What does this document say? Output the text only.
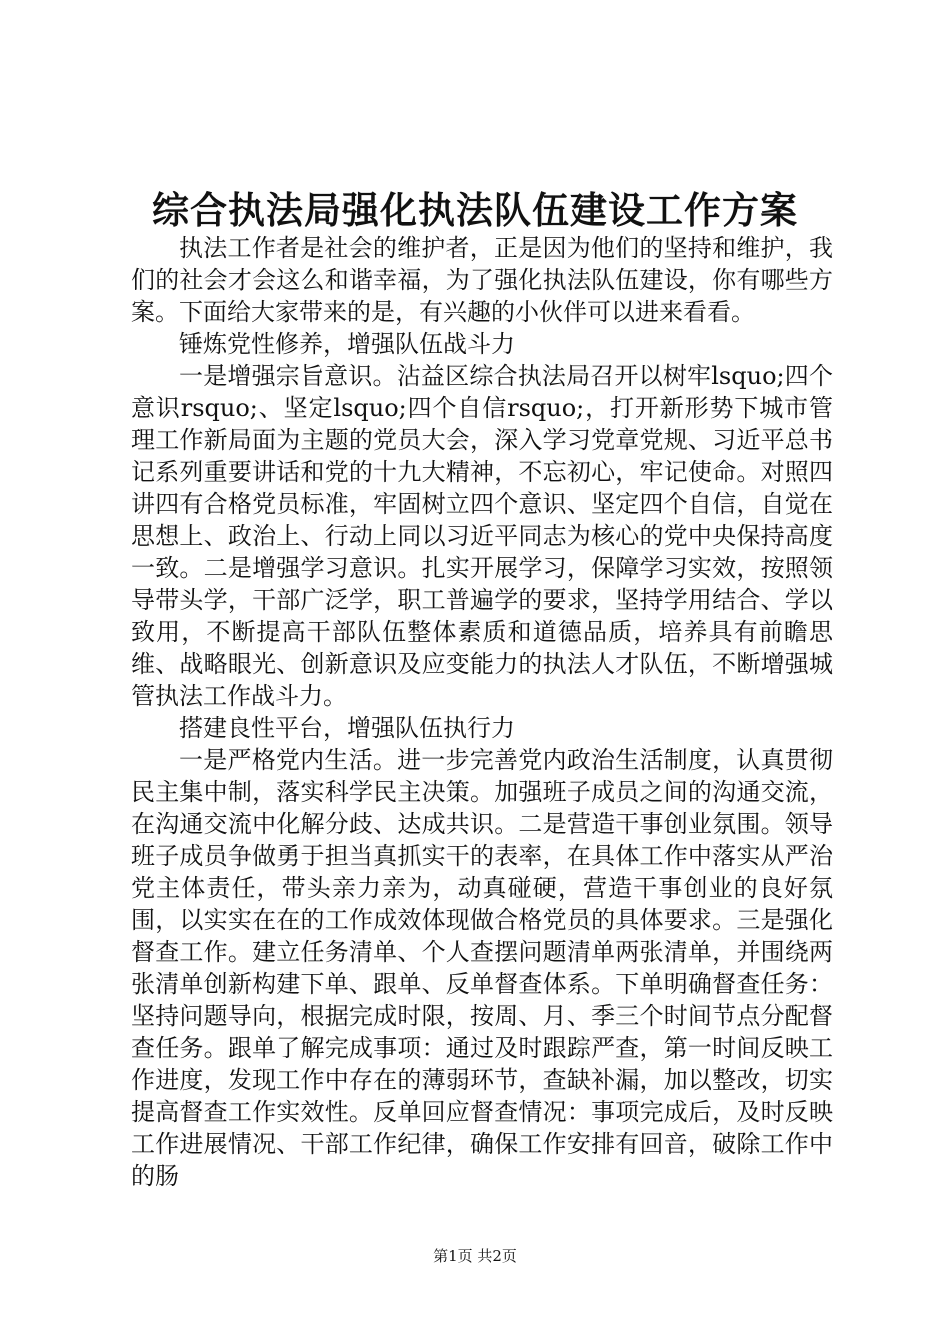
综合执法局强化执法队伍建设工作方案

执法工作者是社会的维护者，正是因为他们的坚持和维护，我们的社会才会这么和谐幸福，为了强化执法队伍建设，你有哪些方案。下面给大家带来的是，有兴趣的小伙伴可以进来看看。

锤炼党性修养，增强队伍战斗力

一是增强宗旨意识。沾益区综合执法局召开以树牢lsquo;四个意识rsquo;、坚定lsquo;四个自信rsquo;，打开新形势下城市管理工作新局面为主题的党员大会，深入学习党章党规、习近平总书记系列重要讲话和党的十九大精神，不忘初心，牢记使命。对照四讲四有合格党员标准，牢固树立四个意识、坚定四个自信，自觉在思想上、政治上、行动上同以习近平同志为核心的党中央保持高度一致。二是增强学习意识。扎实开展学习，保障学习实效，按照领导带头学，干部广泛学，职工普遍学的要求，坚持学用结合、学以致用，不断提高干部队伍整体素质和道德品质，培养具有前瞻思维、战略眼光、创新意识及应变能力的执法人才队伍，不断增强城管执法工作战斗力。

搭建良性平台，增强队伍执行力

一是严格党内生活。进一步完善党内政治生活制度，认真贯彻民主集中制，落实科学民主决策。加强班子成员之间的沟通交流，在沟通交流中化解分歧、达成共识。二是营造干事创业氛围。领导班子成员争做勇于担当真抓实干的表率，在具体工作中落实从严治党主体责任，带头亲力亲为，动真碰硬，营造干事创业的良好氛围，以实实在在的工作成效体现做合格党员的具体要求。三是强化督查工作。建立任务清单、个人查摆问题清单两张清单，并围绕两张清单创新构建下单、跟单、反单督查体系。下单明确督查任务：坚持问题导向，根据完成时限，按周、月、季三个时间节点分配督查任务。跟单了解完成事项：通过及时跟踪严查，第一时间反映工作进度，发现工作中存在的薄弱环节，查缺补漏，加以整改，切实提高督查工作实效性。反单回应督查情况：事项完成后，及时反映工作进展情况、干部工作纪律，确保工作安排有回音，破除工作中的肠

第1页 共2页
